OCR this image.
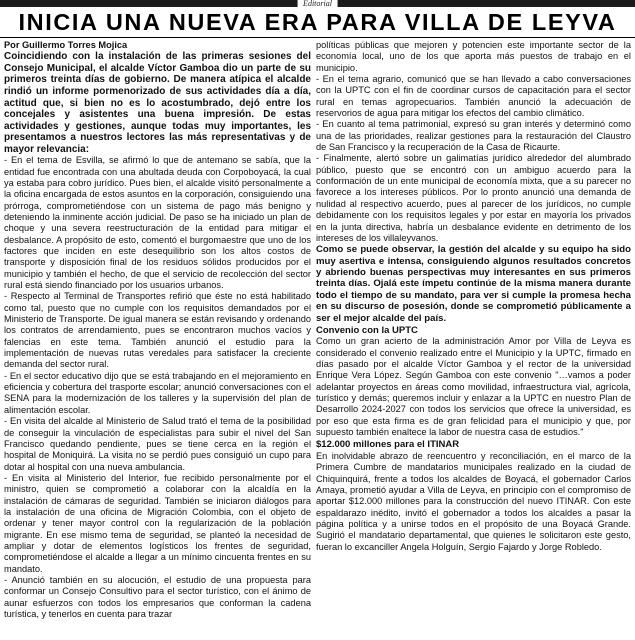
Editorial
INICIA UNA NUEVA ERA PARA VILLA DE LEYVA

Por Guillermo Torres Mojica

Coincidiendo con la instalación de las primeras sesiones del Consejo Municipal, el alcalde Víctor Gamboa dio un parte de su primeros treinta días de gobierno. De manera atípica el alcalde rindió un informe pormenorizado de sus actividades día a día, actitud que, si bien no es lo acostumbrado, dejó entre los concejales y asistentes una buena impresión. De estas actividades y gestiones, aunque todas muy importantes, les presentamos a nuestros lectores las más representativas y de mayor relevancia:

- En el tema de Esvilla, se afirmó lo que de antemano se sabía, que la entidad fue encontrada con una abultada deuda con Corpoboyacá, la cual ya estaba para cobro jurídico. Pues bien, el alcalde visitó personalmente a la oficina encargada de estos asuntos en la corporación, consiguiendo una prórroga, comprometiéndose con un sistema de pago más benigno y deteniendo la inminente acción judicial. De paso se ha iniciado un plan de choque y una severa reestructuración de la entidad para mitigar el desbalance. A propósito de esto, comentó el burgomaestre que uno de los factores que inciden en este desequilibrio son los altos costos de transporte y disposición final de los residuos sólidos producidos por el municipio y también el hecho, de que el servicio de recolección del sector rural está siendo financiado por los usuarios urbanos.

- Respecto al Terminal de Transportes refirió que éste no está habilitado como tal, puesto que no cumple con los requisitos demandados por el Ministerio de Transporte. De igual manera se están revisando y ordenando los contratos de arrendamiento, pues se encontraron muchos vacíos y falencias en este tema. También anunció el estudio para la implementación de nuevas rutas veredales para satisfacer la creciente demanda del sector rural.

- En el sector educativo dijo que se está trabajando en el mejoramiento en eficiencia y cobertura del trasporte escolar; anunció conversaciones con el SENA para la modernización de los talleres y la supervisión del plan de alimentación escolar.

- En visita del alcalde al Ministerio de Salud trató el tema de la posibilidad de conseguir la vinculación de especialistas para subir el nivel del San Francisco quedando pendiente, pues se tiene cerca en la región el hospital de Moniquirá. La visita no se perdió pues consiguió un cupo para dotar al hospital con una nueva ambulancia.

- En visita al Ministerio del Interior, fue recibido personalmente por el ministro, quien se comprometió a colaborar con la alcaldía en la instalación de cámaras de seguridad. También se iniciaron diálogos para la instalación de una oficina de Migración Colombia, con el objeto de ordenar y tener mayor control con la regularización de la población migrante. En ese mismo tema de seguridad, se planteó la necesidad de ampliar y dotar de elementos logísticos los frentes de seguridad, comprometiéndose el alcalde a llegar a un mínimo cincuenta frentes en su mandato.

- Anunció también en su alocución, el estudio de una propuesta para conformar un Consejo Consultivo para el sector turístico, con el ánimo de aunar esfuerzos con todos los empresarios que conforman la cadena turística, y tenerlos en cuenta para trazar

políticas públicas que mejoren y potencien este importante sector de la economía local, uno de los que aporta más puestos de trabajo en el municipio.

- En el tema agrario, comunicó que se han llevado a cabo conversaciones con la UPTC con el fin de coordinar cursos de capacitación para el sector rural en temas agropecuarios. También anunció la adecuación de reservorios de agua para mitigar los efectos del cambio climático.

- En cuanto al tema patrimonial, expresó su gran interés y determinó como una de las prioridades, realizar gestiones para la restauración del Claustro de San Francisco y la recuperación de la Casa de Ricaurte.

- Finalmente, alertó sobre un galimatías jurídico alrededor del alumbrado público, puesto que se encontró con un ambiguo acuerdo para la conformación de un ente municipal de economía mixta, que a su parecer no favorece a los intereses públicos. Por lo pronto anunció una demanda de nulidad al respectivo acuerdo, pues al parecer de los jurídicos, no cumple debidamente con los requisitos legales y por estar en mayoría los privados en la junta directiva, habría un desbalance evidente en detrimento de los intereses de los villaleyvanos.

Como se puede observar, la gestión del alcalde y su equipo ha sido muy asertiva e intensa, consiguiendo algunos resultados concretos y abriendo buenas perspectivas muy interesantes en sus primeros treinta días. Ojalá este ímpetu continúe de la misma manera durante todo el tiempo de su mandato, para ver si cumple la promesa hecha en su discurso de posesión, donde se comprometió públicamente a ser el mejor alcalde del país.

Convenio con la UPTC

Como un gran acierto de la administración Amor por Villa de Leyva es considerado el convenio realizado entre el Municipio y la UPTC, firmado en días pasado por el alcalde Víctor Gamboa y el rector de la universidad Enrique Vera López. Según Gamboa con este convenio "…vamos a poder adelantar proyectos en áreas como movilidad, infraestructura vial, agrícola, turístico y demás; queremos incluir y enlazar a la UPTC en nuestro Plan de Desarrollo 2024-2027 con todos los servicios que ofrece la universidad, es por eso que esta firma es de gran felicidad para el municipio y que, por supuesto también enaltece la labor de nuestra casa de estudios."

$12.000 millones para el ITINAR

En inolvidable abrazo de reencuentro y reconciliación, en el marco de la Primera Cumbre de mandatarios municipales realizado en la ciudad de Chiquinquirá, frente a todos los alcaldes de Boyacá, el gobernador Carlos Amaya, prometió ayudar a Villa de Leyva, en principio con el compromiso de aportar $12.000 millones para la construcción del nuevo ITINAR. Con este espaldarazo inédito, invitó el gobernador a todos los alcaldes a pasar la página política y a unirse todos en el propósito de una Boyacá Grande. Sugirió el mandatario departamental, que quienes le solicitaron este gesto, fueran lo excanciller Angela Holguín, Sergio Fajardo y Jorge Robledo.
